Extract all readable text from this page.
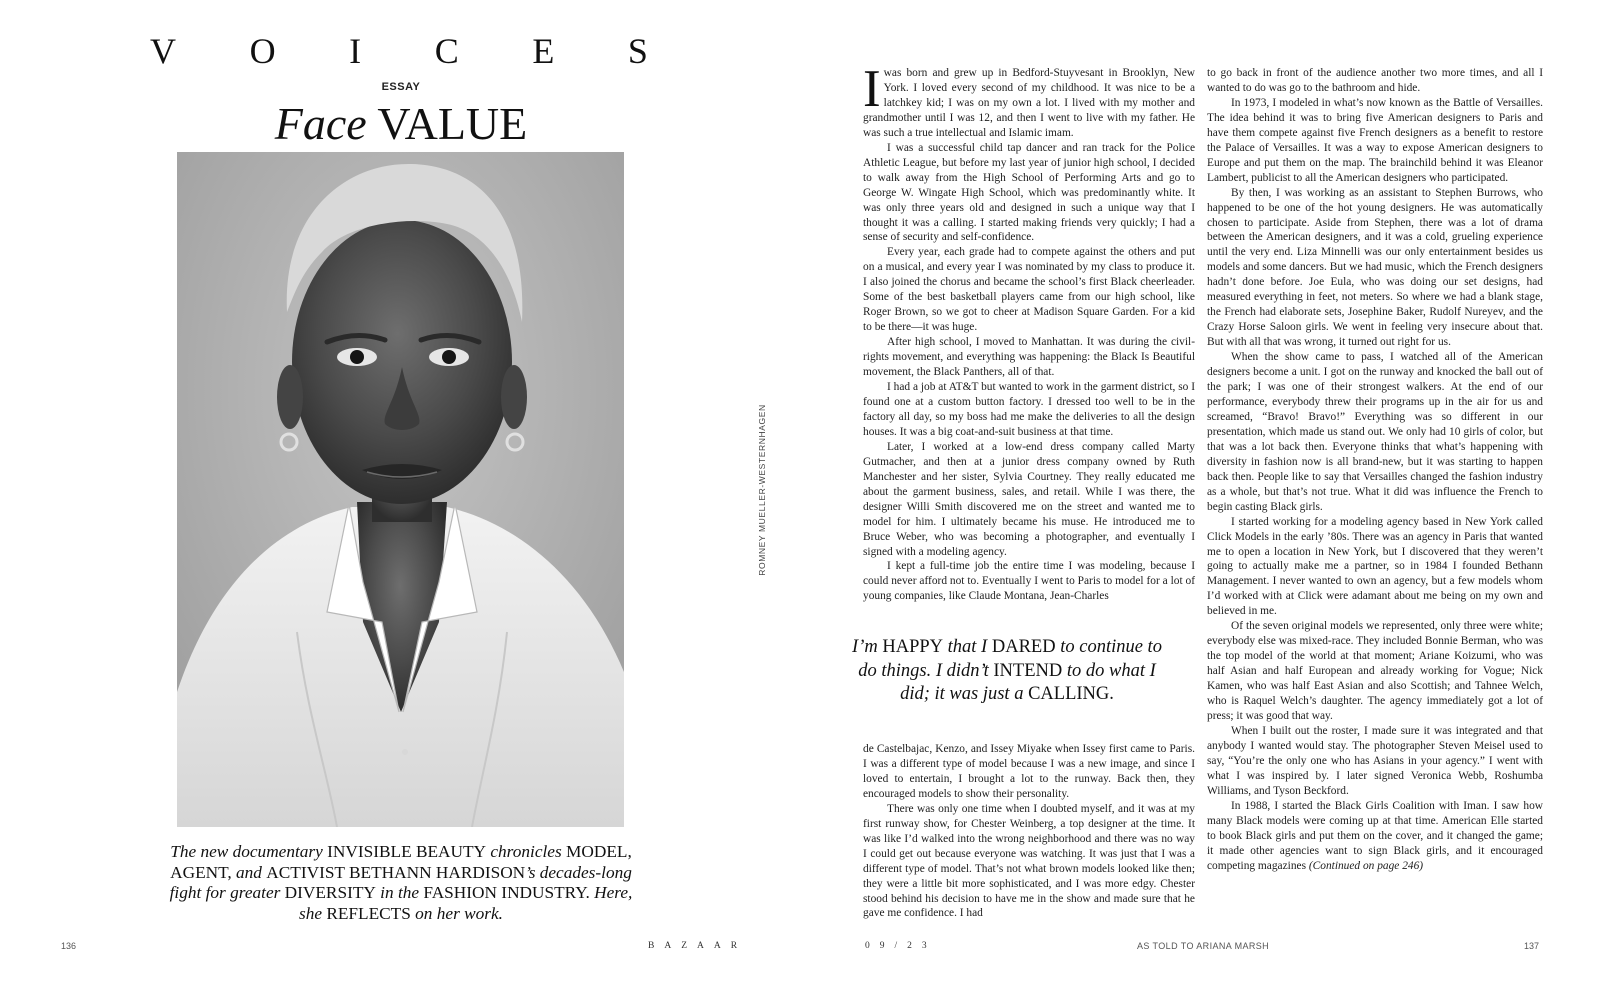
V O I C E S
ESSAY
Face VALUE
ROMNEY MUELLER-WESTERNHAGEN
The new documentary INVISIBLE BEAUTY chronicles MODEL, AGENT, and ACTIVIST BETHANN HARDISON’s decades-long fight for greater DIVERSITY in the FASHION INDUSTRY. Here, she REFLECTS on her work.
136	BAZAAR

Iwas born and grew up in Bedford-Stuyvesant in Brooklyn, New York. I loved every second of my childhood. It was nice to be a latchkey kid; I was on my own a lot. I lived with my mother and grandmother until I was 12, and then I went to live with my father. He was such a true intellectual and Islamic imam.

I was a successful child tap dancer and ran track for the Police Athletic League, but before my last year of junior high school, I decided to walk away from the High School of Performing Arts and go to George W. Wingate High School, which was predominantly white. It was only three years old and designed in such a unique way that I thought it was a calling. I started making friends very quickly; I had a sense of security and self-confidence.

Every year, each grade had to compete against the others and put on a musical, and every year I was nominated by my class to produce it. I also joined the chorus and became the school’s first Black cheerleader. Some of the best basketball players came from our high school, like Roger Brown, so we got to cheer at Madison Square Garden. For a kid to be there—it was huge.

After high school, I moved to Manhattan. It was during the civil-rights movement, and everything was happening: the Black Is Beautiful movement, the Black Panthers, all of that.

I had a job at AT&T but wanted to work in the garment district, so I found one at a custom button factory. I dressed too well to be in the factory all day, so my boss had me make the deliveries to all the design houses. It was a big coat-and-suit business at that time.

Later, I worked at a low-end dress company called Marty Gutmacher, and then at a junior dress company owned by Ruth Manchester and her sister, Sylvia Courtney. They really educated me about the garment business, sales, and retail. While I was there, the designer Willi Smith discovered me on the street and wanted me to model for him. I ultimately became his muse. He introduced me to Bruce Weber, who was becoming a photographer, and eventually I signed with a modeling agency.

I kept a full-time job the entire time I was modeling, because I could never afford not to. Eventually I went to Paris to model for a lot of young companies, like Claude Montana, Jean-Charles

I’m HAPPY that I DARED to continue to do things. I didn’t INTEND to do what I did; it was just a CALLING.

de Castelbajac, Kenzo, and Issey Miyake when Issey first came to Paris. I was a different type of model because I was a new image, and since I loved to entertain, I brought a lot to the runway. Back then, they encouraged models to show their personality.

There was only one time when I doubted myself, and it was at my first runway show, for Chester Weinberg, a top designer at the time. It was like I’d walked into the wrong neighborhood and there was no way I could get out because everyone was watching. It was just that I was a different type of model. That’s not what brown models looked like then; they were a little bit more sophisticated, and I was more edgy. Chester stood behind his decision to have me in the show and made sure that he gave me confidence. I had

to go back in front of the audience another two more times, and all I wanted to do was go to the bathroom and hide.

In 1973, I modeled in what’s now known as the Battle of Versailles. The idea behind it was to bring five American designers to Paris and have them compete against five French designers as a benefit to restore the Palace of Versailles. It was a way to expose American designers to Europe and put them on the map. The brainchild behind it was Eleanor Lambert, publicist to all the American designers who participated.

By then, I was working as an assistant to Stephen Burrows, who happened to be one of the hot young designers. He was automatically chosen to participate. Aside from Stephen, there was a lot of drama between the American designers, and it was a cold, grueling experience until the very end. Liza Minnelli was our only entertainment besides us models and some dancers. But we had music, which the French designers hadn’t done before. Joe Eula, who was doing our set designs, had measured everything in feet, not meters. So where we had a blank stage, the French had elaborate sets, Josephine Baker, Rudolf Nureyev, and the Crazy Horse Saloon girls. We went in feeling very insecure about that. But with all that was wrong, it turned out right for us.

When the show came to pass, I watched all of the American designers become a unit. I got on the runway and knocked the ball out of the park; I was one of their strongest walkers. At the end of our performance, everybody threw their programs up in the air for us and screamed, “Bravo! Bravo!” Everything was so different in our presentation, which made us stand out. We only had 10 girls of color, but that was a lot back then. Everyone thinks that what’s happening with diversity in fashion now is all brand-new, but it was starting to happen back then. People like to say that Versailles changed the fashion industry as a whole, but that’s not true. What it did was influence the French to begin casting Black girls.

I started working for a modeling agency based in New York called Click Models in the early ’80s. There was an agency in Paris that wanted me to open a location in New York, but I discovered that they weren’t going to actually make me a partner, so in 1984 I founded Bethann Management. I never wanted to own an agency, but a few models whom I’d worked with at Click were adamant about me being on my own and believed in me.

Of the seven original models we represented, only three were white; everybody else was mixed-race. They included Bonnie Berman, who was the top model of the world at that moment; Ariane Koizumi, who was half Asian and half European and already working for Vogue; Nick Kamen, who was half East Asian and also Scottish; and Tahnee Welch, who is Raquel Welch’s daughter. The agency immediately got a lot of press; it was good that way.

When I built out the roster, I made sure it was integrated and that anybody I wanted would stay. The photographer Steven Meisel used to say, “You’re the only one who has Asians in your agency.” I went with what I was inspired by. I later signed Veronica Webb, Roshumba Williams, and Tyson Beckford.

In 1988, I started the Black Girls Coalition with Iman. I saw how many Black models were coming up at that time. American Elle started to book Black girls and put them on the cover, and it changed the game; it made other agencies want to sign Black girls, and it encouraged competing magazines (Continued on page 246)

09/23	AS TOLD TO ARIANA MARSH	137
